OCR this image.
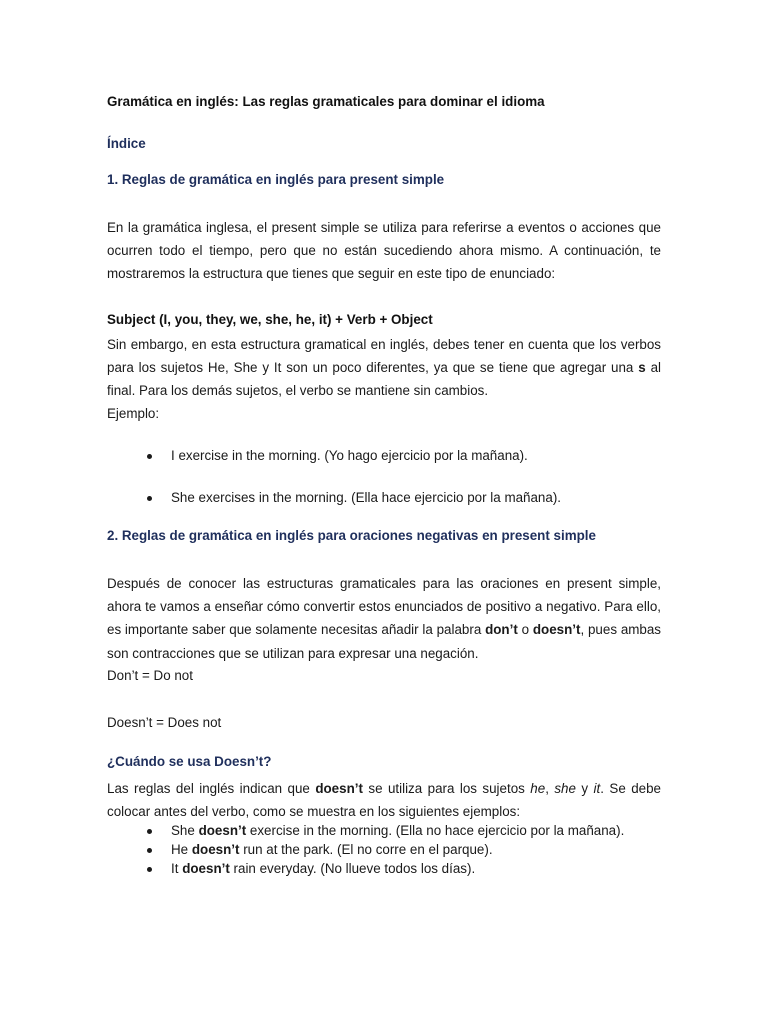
Gramática en inglés: Las reglas gramaticales para dominar el idioma

Índice

1. Reglas de gramática en inglés para present simple

En la gramática inglesa, el present simple se utiliza para referirse a eventos o acciones que ocurren todo el tiempo, pero que no están sucediendo ahora mismo. A continuación, te mostraremos la estructura que tienes que seguir en este tipo de enunciado:

Subject (I, you, they, we, she, he, it) + Verb + Object

Sin embargo, en esta estructura gramatical en inglés, debes tener en cuenta que los verbos para los sujetos He, She y It son un poco diferentes, ya que se tiene que agregar una s al final. Para los demás sujetos, el verbo se mantiene sin cambios.

Ejemplo:

I exercise in the morning. (Yo hago ejercicio por la mañana).
She exercises in the morning. (Ella hace ejercicio por la mañana).

2. Reglas de gramática en inglés para oraciones negativas en present simple

Después de conocer las estructuras gramaticales para las oraciones en present simple, ahora te vamos a enseñar cómo convertir estos enunciados de positivo a negativo. Para ello, es importante saber que solamente necesitas añadir la palabra don’t o doesn’t, pues ambas son contracciones que se utilizan para expresar una negación.

Don’t = Do not

Doesn’t = Does not

¿Cuándo se usa Doesn’t?

Las reglas del inglés indican que doesn’t se utiliza para los sujetos he, she y it. Se debe colocar antes del verbo, como se muestra en los siguientes ejemplos:

She doesn’t exercise in the morning. (Ella no hace ejercicio por la mañana).
He doesn’t run at the park. (El no corre en el parque).
It doesn’t rain everyday. (No llueve todos los días).
